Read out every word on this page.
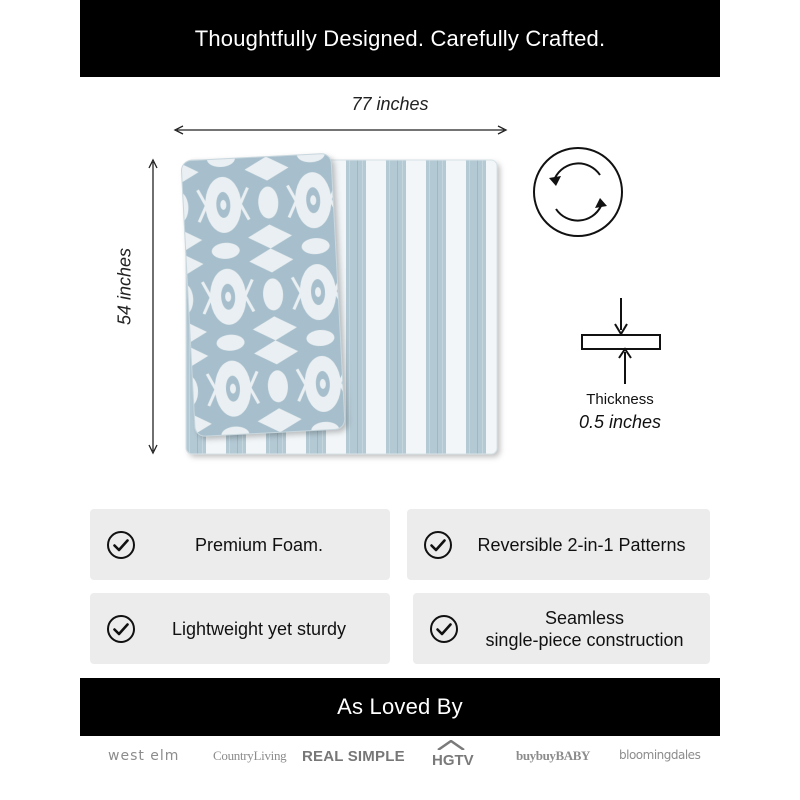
Thoughtfully Designed. Carefully Crafted.
77 inches
54 inches
Thickness
0.5 inches
Premium Foam.	Reversible 2-in-1 Patterns
Lightweight yet sturdy
Seamless
single-piece construction
As Loved By
west elm	CountryLiving REAL SIMPLE HGTV	buybuyBABY bloomingdales
